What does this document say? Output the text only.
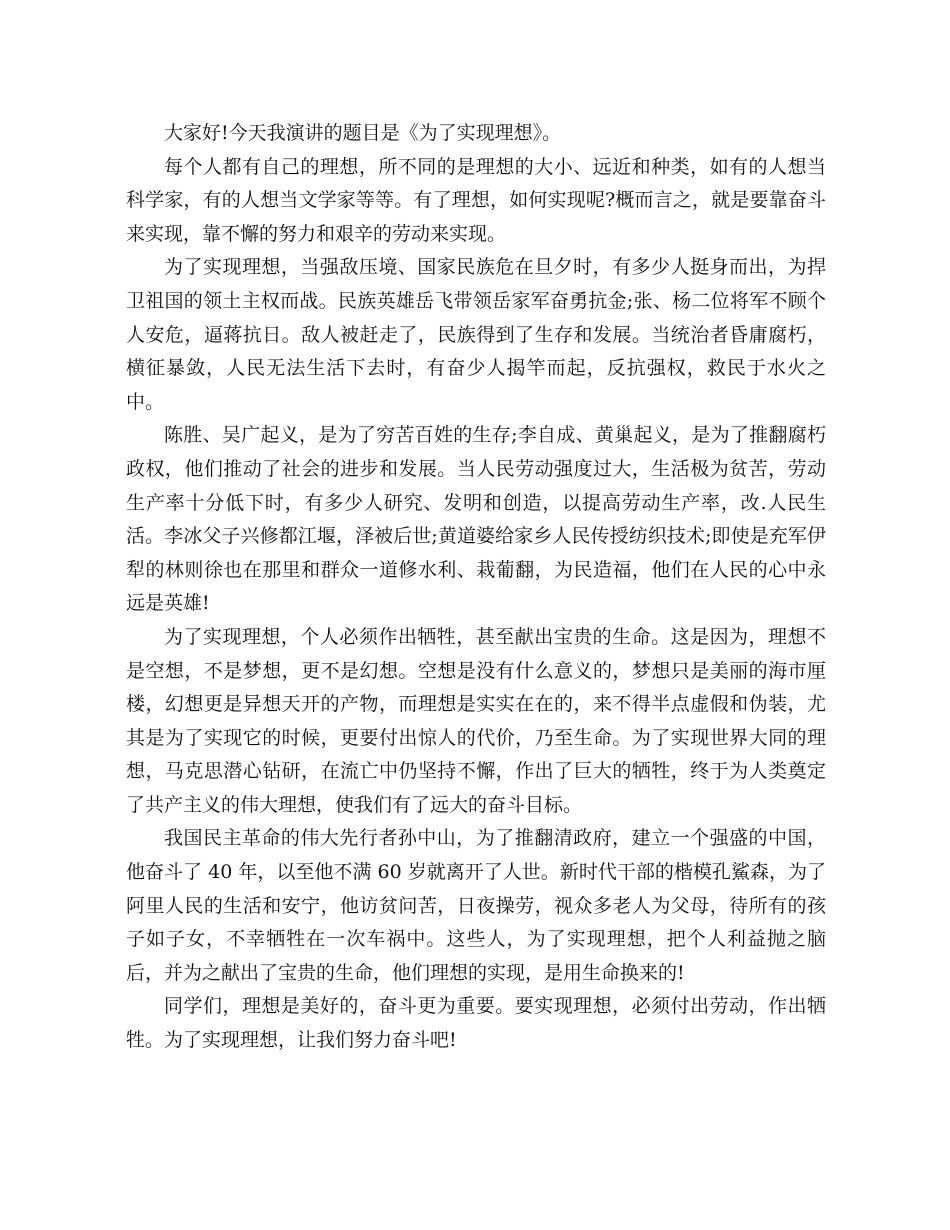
大家好!今天我演讲的题目是《为了实现理想》。

每个人都有自己的理想，所不同的是理想的大小、远近和种类，如有的人想当科学家，有的人想当文学家等等。有了理想，如何实现呢?概而言之，就是要靠奋斗来实现，靠不懈的努力和艰辛的劳动来实现。

为了实现理想，当强敌压境、国家民族危在旦夕时，有多少人挺身而出，为捍卫祖国的领土主权而战。民族英雄岳飞带领岳家军奋勇抗金;张、杨二位将军不顾个人安危，逼蒋抗日。敌人被赶走了，民族得到了生存和发展。当统治者昏庸腐朽，横征暴敛，人民无法生活下去时，有奋少人揭竿而起，反抗强权，救民于水火之中。

陈胜、吴广起义，是为了穷苦百姓的生存;李自成、黄巢起义，是为了推翻腐朽政权，他们推动了社会的进步和发展。当人民劳动强度过大，生活极为贫苦，劳动生产率十分低下时，有多少人研究、发明和创造，以提高劳动生产率，改.人民生活。李冰父子兴修都江堰，泽被后世;黄道婆给家乡人民传授纺织技术;即使是充军伊犁的林则徐也在那里和群众一道修水利、栽葡翻，为民造福，他们在人民的心中永远是英雄!

为了实现理想，个人必须作出牺牲，甚至献出宝贵的生命。这是因为，理想不是空想，不是梦想，更不是幻想。空想是没有什么意义的，梦想只是美丽的海市厘楼，幻想更是异想天开的产物，而理想是实实在在的，来不得半点虚假和伪装，尤其是为了实现它的时候，更要付出惊人的代价，乃至生命。为了实现世界大同的理想，马克思潜心钻研，在流亡中仍坚持不懈，作出了巨大的牺牲，终于为人类奠定了共产主义的伟大理想，使我们有了远大的奋斗目标。

我国民主革命的伟大先行者孙中山，为了推翻清政府，建立一个强盛的中国，他奋斗了 40 年，以至他不满 60 岁就离开了人世。新时代干部的楷模孔鯊森，为了阿里人民的生活和安宁，他访贫问苦，日夜操劳，视众多老人为父母，待所有的孩子如子女，不幸牺牲在一次车祸中。这些人，为了实现理想，把个人利益抛之脑后，并为之献出了宝贵的生命，他们理想的实现，是用生命换来的!

同学们，理想是美好的，奋斗更为重要。要实现理想，必须付出劳动，作出牺牲。为了实现理想，让我们努力奋斗吧!
